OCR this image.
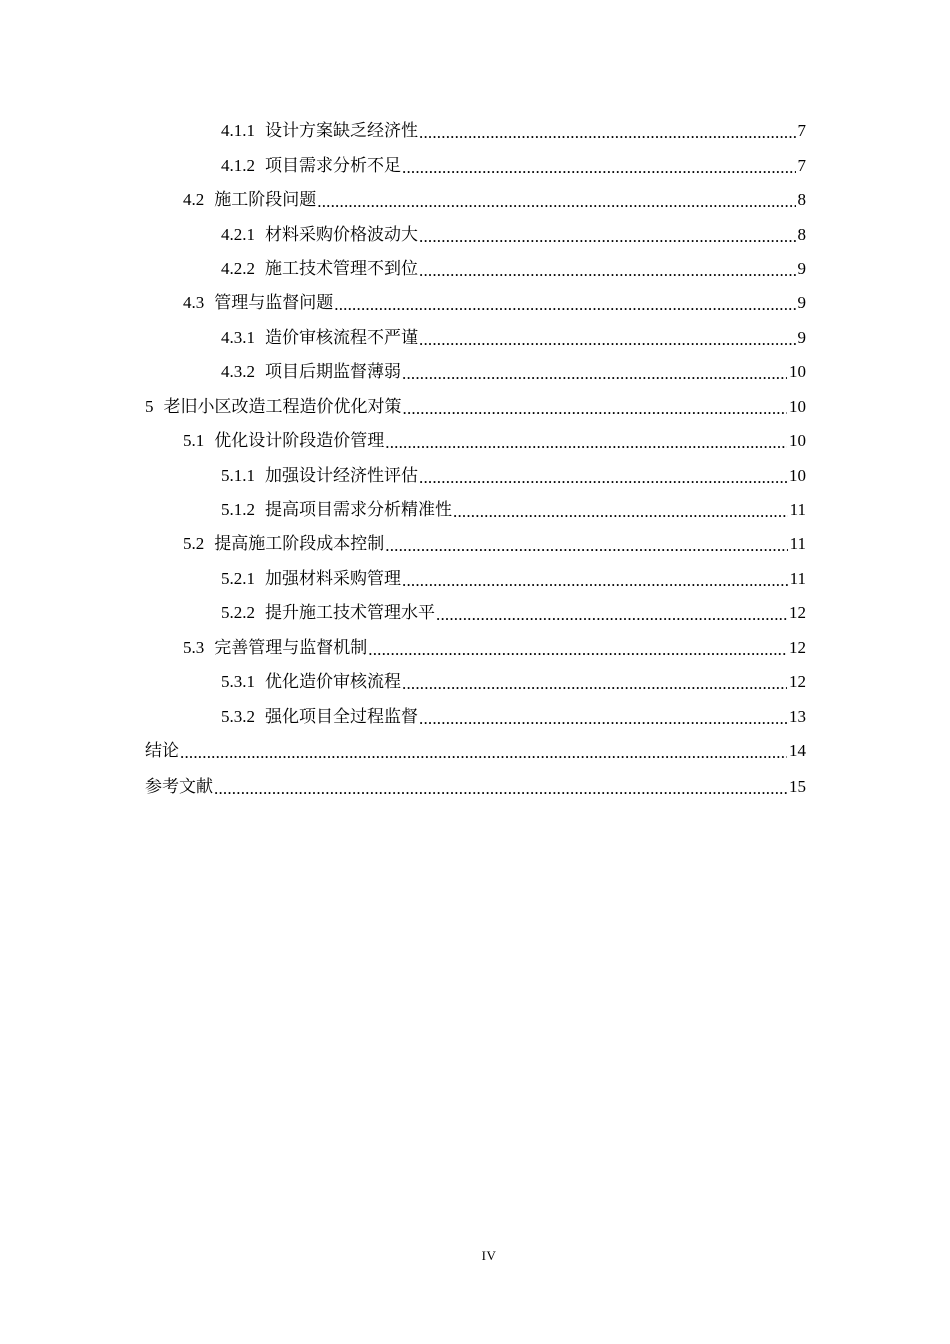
4.1.1 设计方案缺乏经济性 .....	7
4.1.2 项目需求分析不足 .....	7
4.2 施工阶段问题 .....	8
4.2.1 材料采购价格波动大 .....	8
4.2.2 施工技术管理不到位 .....	9
4.3 管理与监督问题 .....	9
4.3.1 造价审核流程不严谨 .....	9
4.3.2 项目后期监督薄弱 .....	10
5 老旧小区改造工程造价优化对策 .....	10
5.1 优化设计阶段造价管理 .....	10
5.1.1 加强设计经济性评估 .....	10
5.1.2 提高项目需求分析精准性 .....	11
5.2 提高施工阶段成本控制 .....	11
5.2.1 加强材料采购管理 .....	11
5.2.2 提升施工技术管理水平 .....	12
5.3 完善管理与监督机制 .....	12
5.3.1 优化造价审核流程 .....	12
5.3.2 强化项目全过程监督 .....	13
结论 .....	14
参考文献 .....	15
IV
